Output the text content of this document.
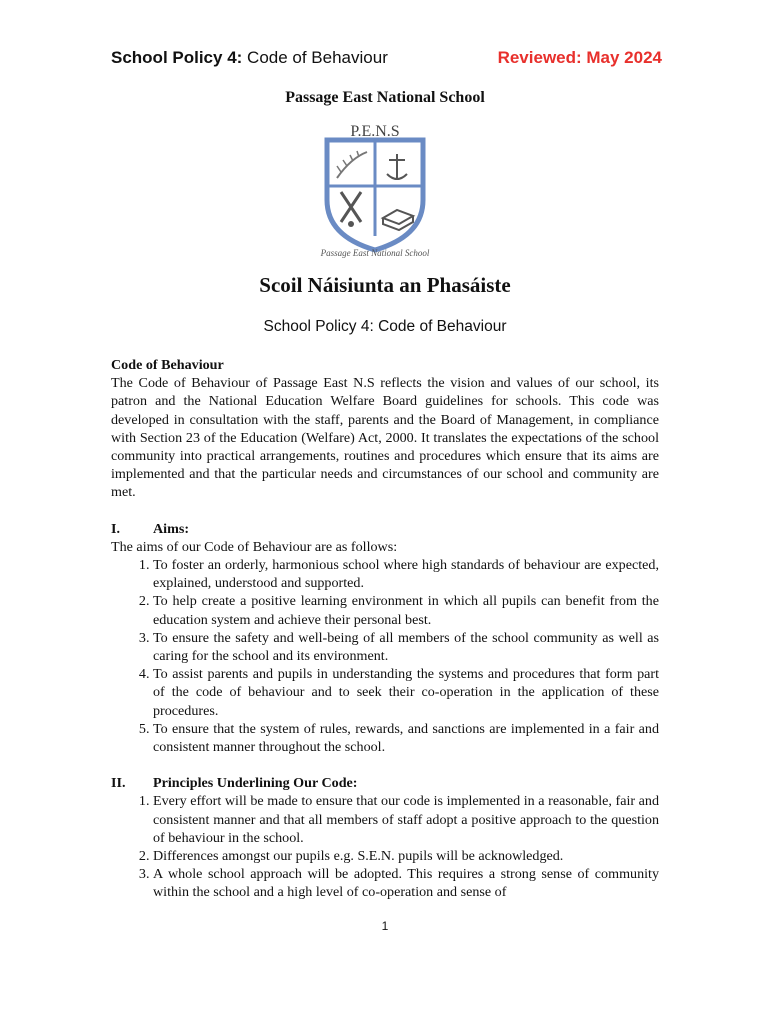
School Policy 4: Code of Behaviour	Reviewed: May 2024
Passage East National School
P.E.N.S
Passage East National School
Scoil Náisiunta an Phasáiste
School Policy 4: Code of Behaviour
Code of Behaviour

The Code of Behaviour of Passage East N.S reflects the vision and values of our school, its patron and the National Education Welfare Board guidelines for schools. This code was developed in consultation with the staff, parents and the Board of Management, in compliance with Section 23 of the Education (Welfare) Act, 2000. It translates the expectations of the school community into practical arrangements, routines and procedures which ensure that its aims are implemented and that the particular needs and circumstances of our school and community are met.

I.	Aims:

The aims of our Code of Behaviour are as follows:

1. To foster an orderly, harmonious school where high standards of behaviour are expected, explained, understood and supported.
2. To help create a positive learning environment in which all pupils can benefit from the education system and achieve their personal best.
3. To ensure the safety and well-being of all members of the school community as well as caring for the school and its environment.
4. To assist parents and pupils in understanding the systems and procedures that form part of the code of behaviour and to seek their co-operation in the application of these procedures.
5. To ensure that the system of rules, rewards, and sanctions are implemented in a fair and consistent manner throughout the school.
II.	Principles Underlining Our Code:
1. Every effort will be made to ensure that our code is implemented in a reasonable, fair and consistent manner and that all members of staff adopt a positive approach to the question of behaviour in the school.
2. Differences amongst our pupils e.g. S.E.N. pupils will be acknowledged.
3. A whole school approach will be adopted. This requires a strong sense of community within the school and a high level of co-operation and sense of
1
